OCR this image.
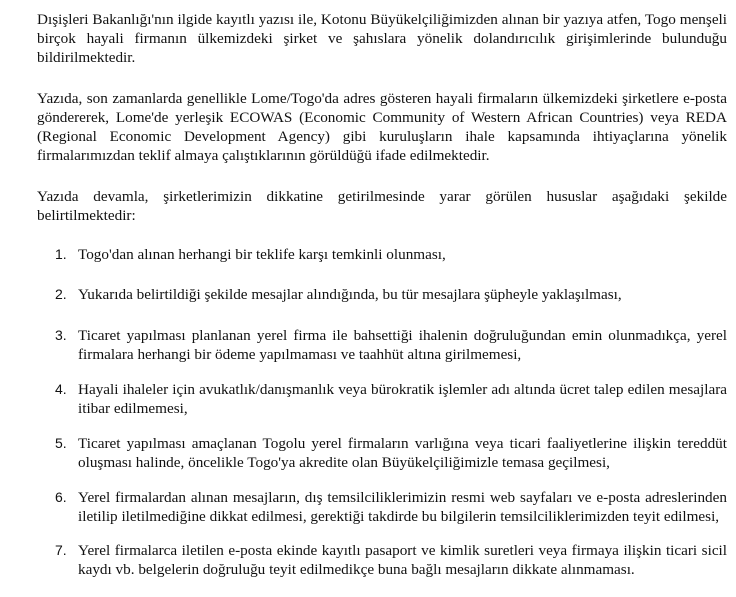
Dışişleri Bakanlığı'nın ilgide kayıtlı yazısı ile, Kotonu Büyükelçiliğimizden alınan bir yazıya atfen, Togo menşeli birçok hayali firmanın ülkemizdeki şirket ve şahıslara yönelik dolandırıcılık girişimlerinde bulunduğu bildirilmektedir.

Yazıda, son zamanlarda genellikle Lome/Togo'da adres gösteren hayali firmaların ülkemizdeki şirketlere e-posta göndererek, Lome'de yerleşik ECOWAS (Economic Community of Western African Countries) veya REDA (Regional Economic Development Agency) gibi kuruluşların ihale kapsamında ihtiyaçlarına yönelik firmalarımızdan teklif almaya çalıştıklarının görüldüğü ifade edilmektedir.

Yazıda devamla, şirketlerimizin dikkatine getirilmesinde yarar görülen hususlar aşağıdaki şekilde belirtilmektedir:

1. Togo'dan alınan herhangi bir teklife karşı temkinli olunması,
2. Yukarıda belirtildiği şekilde mesajlar alındığında, bu tür mesajlara şüpheyle yaklaşılması,
3. Ticaret yapılması planlanan yerel firma ile bahsettiği ihalenin doğruluğundan emin olunmadıkça, yerel firmalara herhangi bir ödeme yapılmaması ve taahhüt altına girilmemesi,
4. Hayali ihaleler için avukatlık/danışmanlık veya bürokratik işlemler adı altında ücret talep edilen mesajlara itibar edilmemesi,
5. Ticaret yapılması amaçlanan Togolu yerel firmaların varlığına veya ticari faaliyetlerine ilişkin tereddüt oluşması halinde, öncelikle Togo'ya akredite olan Büyükelçiliğimizle temasa geçilmesi,
6. Yerel firmalardan alınan mesajların, dış temsilciliklerimizin resmi web sayfaları ve e-posta adreslerinden iletilip iletilmediğine dikkat edilmesi, gerektiği takdirde bu bilgilerin temsilciliklerimizden teyit edilmesi,
7. Yerel firmalarca iletilen e-posta ekinde kayıtlı pasaport ve kimlik suretleri veya firmaya ilişkin ticari sicil kaydı vb. belgelerin doğruluğu teyit edilmedikçe buna bağlı mesajların dikkate alınmaması.
